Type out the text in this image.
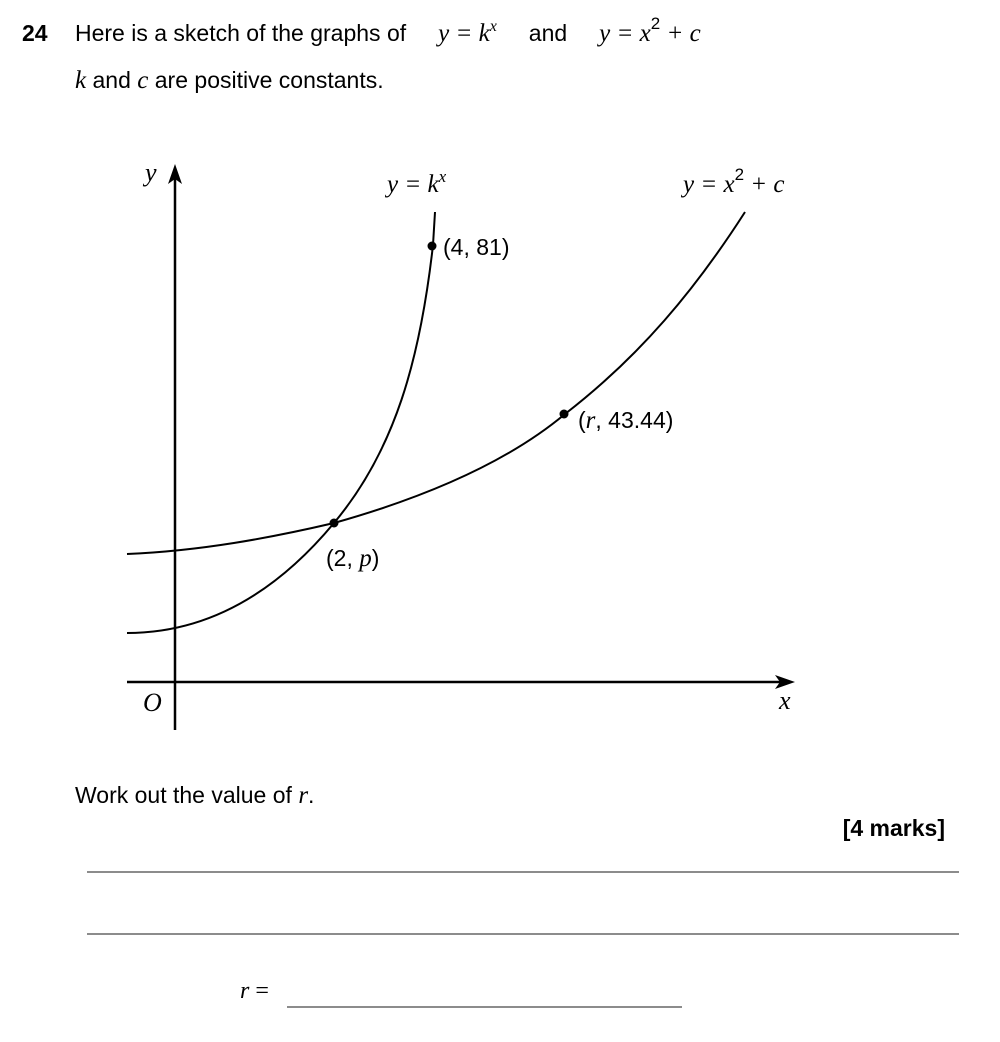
24 Here is a sketch of the graphs of $y = k^x$ and $y = x^2 + c$
k and c are positive constants.
y
x
O
$y = k^x$	$y = x^2 + c$
(4, 81)
(r, 43.44)
(2, p)
Work out the value of r.
[4 marks]
r =
